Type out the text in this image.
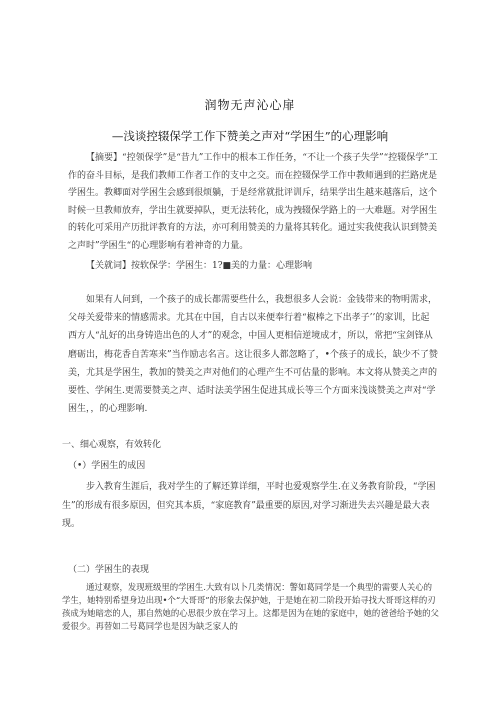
润物无声沁心扉
—浅谈控辍保学工作下赞美之声对“学困生”的心理影响
【摘要】“控领保学”是“昔九”工作中的根本工作任务，“不让一个孩子失学”“控辍保学”工作的奋斗目标，是我们教师工作者工作的支中之交。而在控辍保学工作中教师遇到的拦路虎是学困生。教卿面对学困生会感到很烦躺，于是经常就批评训斥，结果学出生越来越落后，这个时候一旦教师放弃，学出生就要掉队，更无法转化，成为拽辍保学路上的一大难题。对学困生的转化可采用产历批评教育的方法，亦可利用赞美的力量将其转化。通过实我使我认识到赞美之声时”学困生“的心理影响有着神奇的力量。
【关就词】按软保学：学困生：1?■美的力量：心理影响
如果有人问到，一个孩子的成长都需要些什么，我想很多人会说：金钱带来的物明需求，父母关爱带来的情感需求。尤其在中国，自古以来便奉行着“椒棒之下出孝子’’的家训，比起西方人“乩好的出身铸造出色的人才”的观念，中国人更相信逆境成才，所以，常把“宝剑锋从磨砺出，梅花香自苦寒来”当作励志名言。这让很多人都忽略了，•个孩子的成长，缺少不了赞美，尤其是学困生，教加的赞美之声对他们的心理产生不可估量的影响。本文将从赞美之声的要性、学闲生.更需要赞美之声、适时法美学困生促进其成长等三个方面来浅谈赞美之声对“学困生，，的心理影响.
一、细心观察，有效转化
（•）学困生的成因
步入教育生涯后，我对学生的了解还算详细，平时也爱观察学生.在义务教育阶段，“学困生”的形成有很多原因，但究其本质，“家庭教育”最重要的原因,对学习渐进失去兴趣是最大表现。
（二）学困生的表现
通过观察，发现班级里的学困生.大致有以卜几类情况：警如葛同学是一个典型的需要人关心的学生，她特别希望身边出现•个“大哥哥”的形象去保护她，于是她在初二阶段开始寻找大哥哥这样的刃孩成为她暗恋的人，那自然她的心思很少放在学习上。这都是因为在她的家庭中，她的爸爸给予她的父爱很少。再替如二号葛同学也是因为缺乏家人的
